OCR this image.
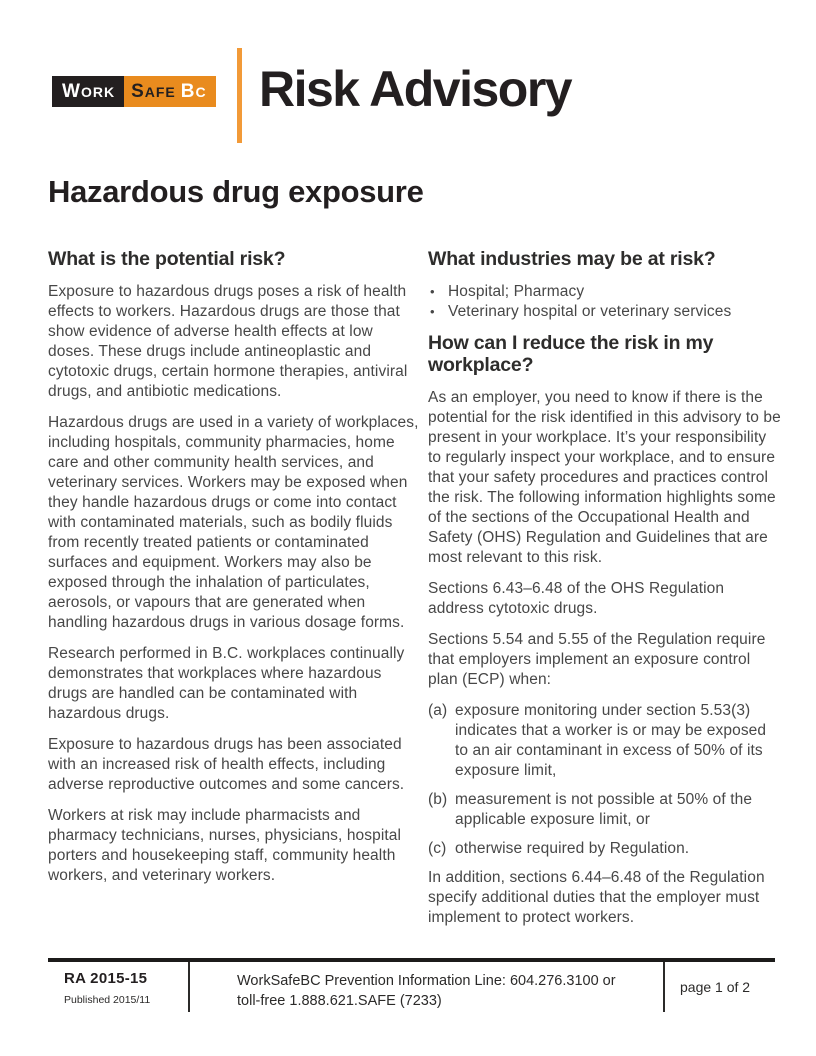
WORK SAFE BC Risk Advisory
Hazardous drug exposure
What is the potential risk?

Exposure to hazardous drugs poses a risk of health effects to workers. Hazardous drugs are those that show evidence of adverse health effects at low doses. These drugs include antineoplastic and cytotoxic drugs, certain hormone therapies, antiviral drugs, and antibiotic medications.

Hazardous drugs are used in a variety of workplaces, including hospitals, community pharmacies, home care and other community health services, and veterinary services. Workers may be exposed when they handle hazardous drugs or come into contact with contaminated materials, such as bodily fluids from recently treated patients or contaminated surfaces and equipment. Workers may also be exposed through the inhalation of particulates, aerosols, or vapours that are generated when handling hazardous drugs in various dosage forms.

Research performed in B.C. workplaces continually demonstrates that workplaces where hazardous drugs are handled can be contaminated with hazardous drugs.

Exposure to hazardous drugs has been associated with an increased risk of health effects, including adverse reproductive outcomes and some cancers.

Workers at risk may include pharmacists and pharmacy technicians, nurses, physicians, hospital porters and housekeeping staff, community health workers, and veterinary workers.

What industries may be at risk?
• Hospital; Pharmacy
• Veterinary hospital or veterinary services
How can I reduce the risk in my workplace?

As an employer, you need to know if there is the potential for the risk identified in this advisory to be present in your workplace. It’s your responsibility to regularly inspect your workplace, and to ensure that your safety procedures and practices control the risk. The following information highlights some of the sections of the Occupational Health and Safety (OHS) Regulation and Guidelines that are most relevant to this risk.

Sections 6.43–6.48 of the OHS Regulation address cytotoxic drugs.

Sections 5.54 and 5.55 of the Regulation require that employers implement an exposure control plan (ECP) when:

(a) exposure monitoring under section 5.53(3) indicates that a worker is or may be exposed to an air contaminant in excess of 50% of its exposure limit,
(b) measurement is not possible at 50% of the applicable exposure limit, or
(c) otherwise required by Regulation.

In addition, sections 6.44–6.48 of the Regulation specify additional duties that the employer must implement to protect workers.

RA 2015-15
Published 2015/11
WorkSafeBC Prevention Information Line: 604.276.3100 or
toll-free 1.888.621.SAFE (7233)
page 1 of 2
